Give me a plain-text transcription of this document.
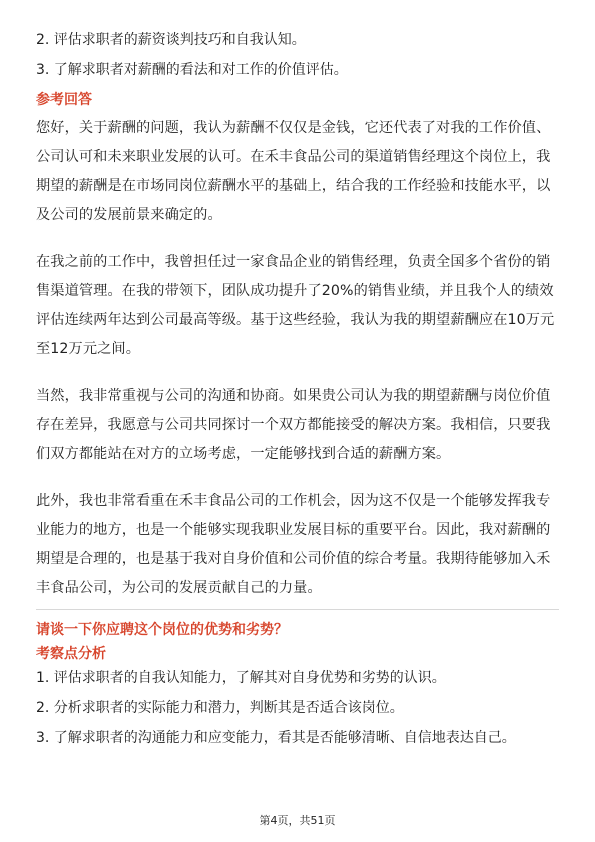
2. 评估求职者的薪资谈判技巧和自我认知。

3. 了解求职者对薪酬的看法和对工作的价值评估。

参考回答

您好，关于薪酬的问题，我认为薪酬不仅仅是金钱，它还代表了对我的工作价值、

公司认可和未来职业发展的认可。在禾丰食品公司的渠道销售经理这个岗位上，我

期望的薪酬是在市场同岗位薪酬水平的基础上，结合我的工作经验和技能水平，以

及公司的发展前景来确定的。

在我之前的工作中，我曾担任过一家食品企业的销售经理，负责全国多个省份的销

售渠道管理。在我的带领下，团队成功提升了20%的销售业绩，并且我个人的绩效

评估连续两年达到公司最高等级。基于这些经验，我认为我的期望薪酬应在10万元

至12万元之间。

当然，我非常重视与公司的沟通和协商。如果贵公司认为我的期望薪酬与岗位价值

存在差异，我愿意与公司共同探讨一个双方都能接受的解决方案。我相信，只要我

们双方都能站在对方的立场考虑，一定能够找到合适的薪酬方案。

此外，我也非常看重在禾丰食品公司的工作机会，因为这不仅是一个能够发挥我专

业能力的地方，也是一个能够实现我职业发展目标的重要平台。因此，我对薪酬的

期望是合理的，也是基于我对自身价值和公司价值的综合考量。我期待能够加入禾

丰食品公司，为公司的发展贡献自己的力量。

请谈一下你应聘这个岗位的优势和劣势？

考察点分析

1. 评估求职者的自我认知能力，了解其对自身优势和劣势的认识。

2. 分析求职者的实际能力和潜力，判断其是否适合该岗位。

3. 了解求职者的沟通能力和应变能力，看其是否能够清晰、自信地表达自己。

第4页，共51页
